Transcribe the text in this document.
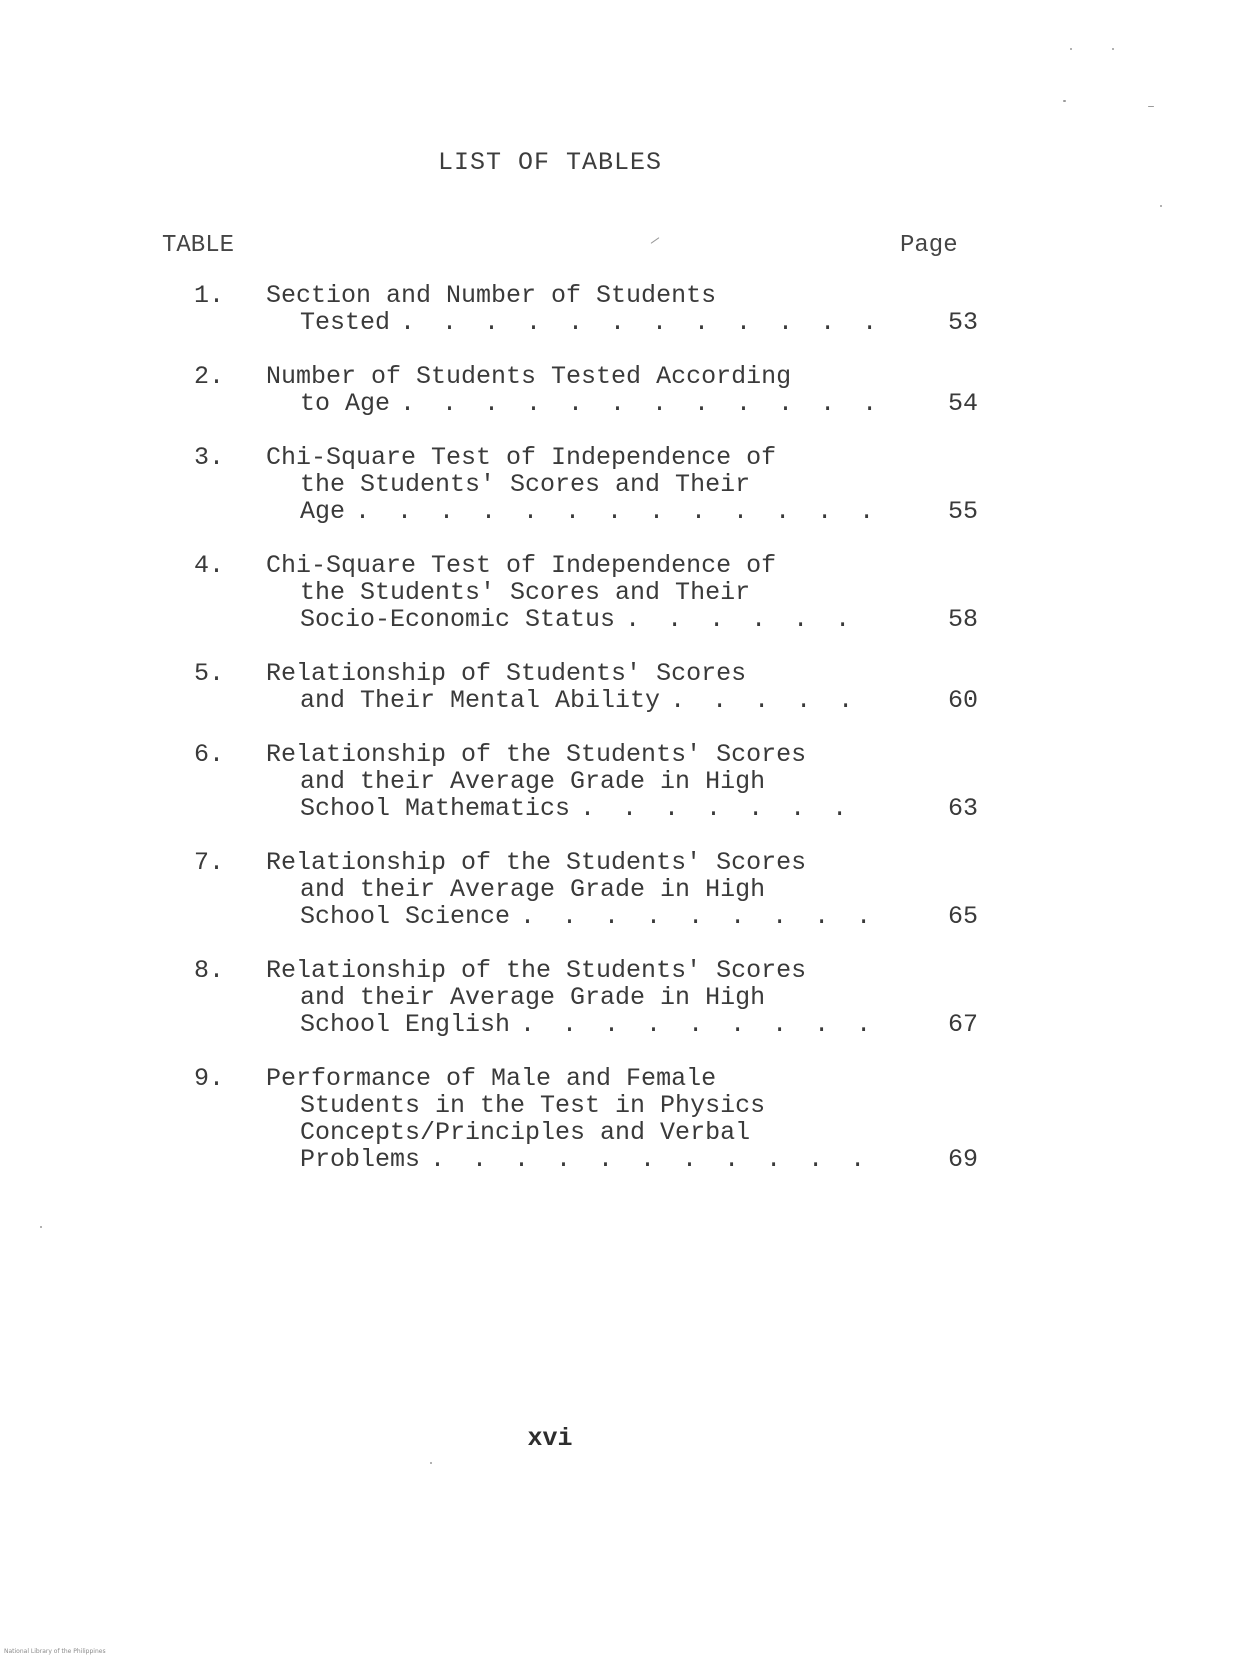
LIST OF TABLES
TABLE	Page
1.	Section and Number of Students
Tested . . .	53
2.	Number of Students Tested According
to Age . . .	54
3.	Chi-Square Test of Independence of
the Students' Scores and Their
Age . . .	55
4.	Chi-Square Test of Independence of
the Students' Scores and Their
Socio-Economic Status . . .	58
5.	Relationship of Students' Scores
and Their Mental Ability . . .	60
6.	Relationship of the Students' Scores
and their Average Grade in High
School Mathematics . . .	63
7.	Relationship of the Students' Scores
and their Average Grade in High
School Science . . .	65
8.	Relationship of the Students' Scores
and their Average Grade in High
School English . . .	67
9.	Performance of Male and Female
Students in the Test in Physics
Concepts/Principles and Verbal
Problems . . .	69
xvi
National Library of the Philippines
